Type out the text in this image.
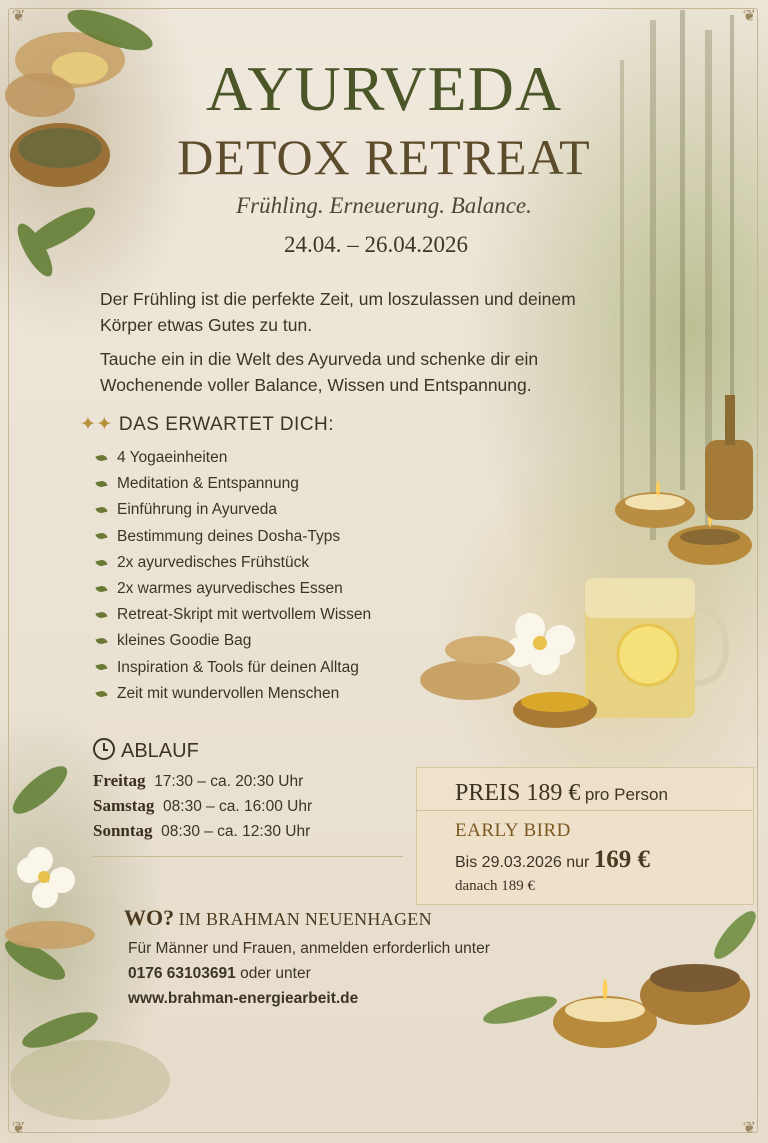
❦	❦
❦	❦
AYURVEDA
DETOX RETREAT
Frühling. Erneuerung. Balance.
24.04. – 26.04.2026

Der Frühling ist die perfekte Zeit, um loszulassen und deinem Körper etwas Gutes zu tun.

Tauche ein in die Welt des Ayurveda und schenke dir ein Wochenende voller Balance, Wissen und Entspannung.

✦✦ DAS ERWARTET DICH:
4 Yogaeinheiten
Meditation & Entspannung
Einführung in Ayurveda
Bestimmung deines Dosha-Typs
2x ayurvedisches Frühstück
2x warmes ayurvedisches Essen
Retreat-Skript mit wertvollem Wissen
kleines Goodie Bag
Inspiration & Tools für deinen Alltag
Zeit mit wundervollen Menschen
ABLAUF
Freitag 17:30 – ca. 20:30 Uhr
Samstag 08:30 – ca. 16:00 Uhr
Sonntag 08:30 – ca. 12:30 Uhr
PREIS 189 € pro Person
EARLY BIRD
Bis 29.03.2026 nur 169 €
danach 189 €
WO? IM BRAHMAN NEUENHAGEN
Für Männer und Frauen, anmelden erforderlich unter
0176 63103691 oder unter
www.brahman-energiearbeit.de
